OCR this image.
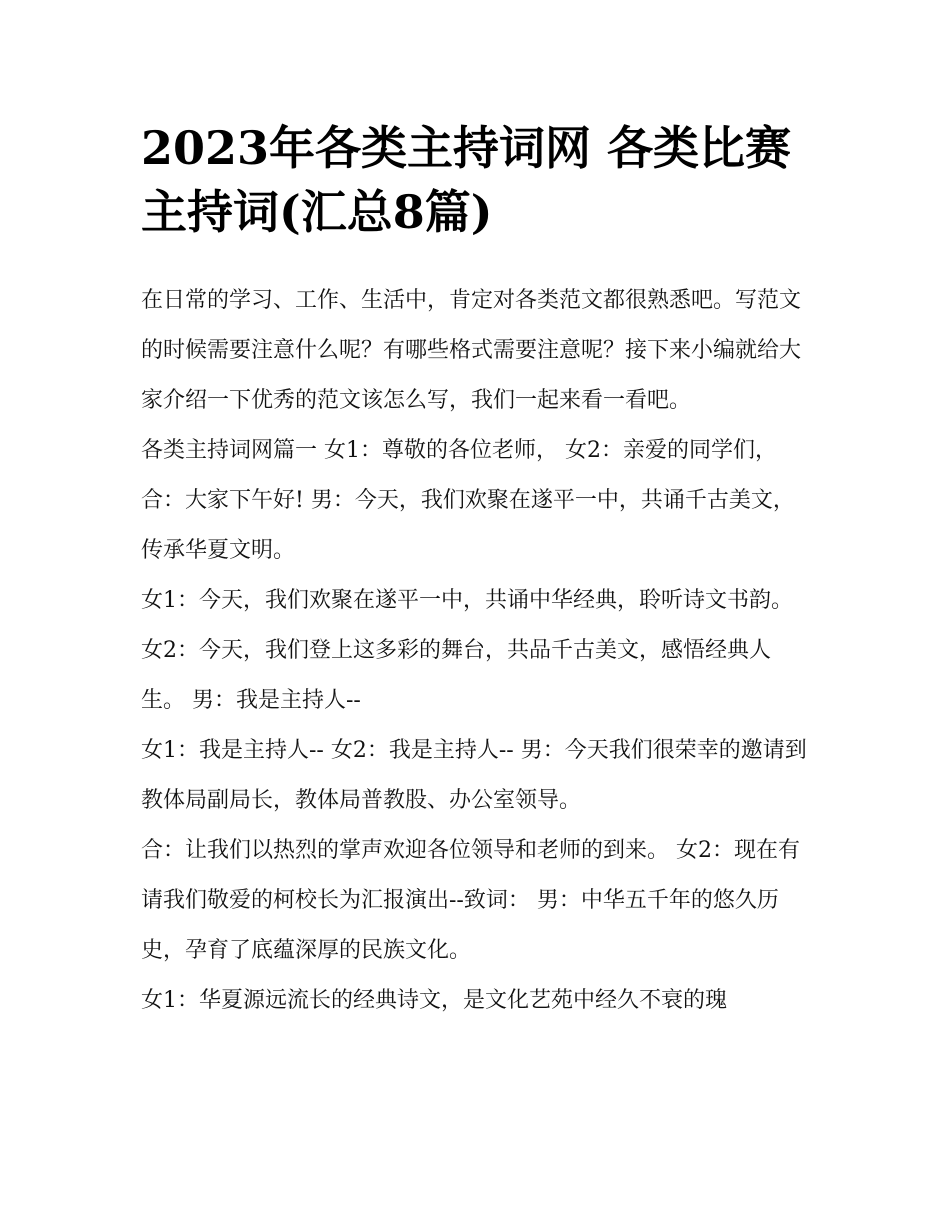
2023年各类主持词网 各类比赛主持词(汇总8篇)

在日常的学习、工作、生活中，肯定对各类范文都很熟悉吧。写范文的时候需要注意什么呢？有哪些格式需要注意呢？接下来小编就给大家介绍一下优秀的范文该怎么写，我们一起来看一看吧。

各类主持词网篇一 女1：尊敬的各位老师， 女2：亲爱的同学们， 合：大家下午好! 男：今天，我们欢聚在遂平一中，共诵千古美文，传承华夏文明。

女1：今天，我们欢聚在遂平一中，共诵中华经典，聆听诗文书韵。 女2：今天，我们登上这多彩的舞台，共品千古美文，感悟经典人生。 男：我是主持人--

女1：我是主持人-- 女2：我是主持人-- 男：今天我们很荣幸的邀请到教体局副局长，教体局普教股、办公室领导。

合：让我们以热烈的掌声欢迎各位领导和老师的到来。 女2：现在有请我们敬爱的柯校长为汇报演出--致词： 男：中华五千年的悠久历史，孕育了底蕴深厚的民族文化。

女1：华夏源远流长的经典诗文，是文化艺苑中经久不衰的瑰
